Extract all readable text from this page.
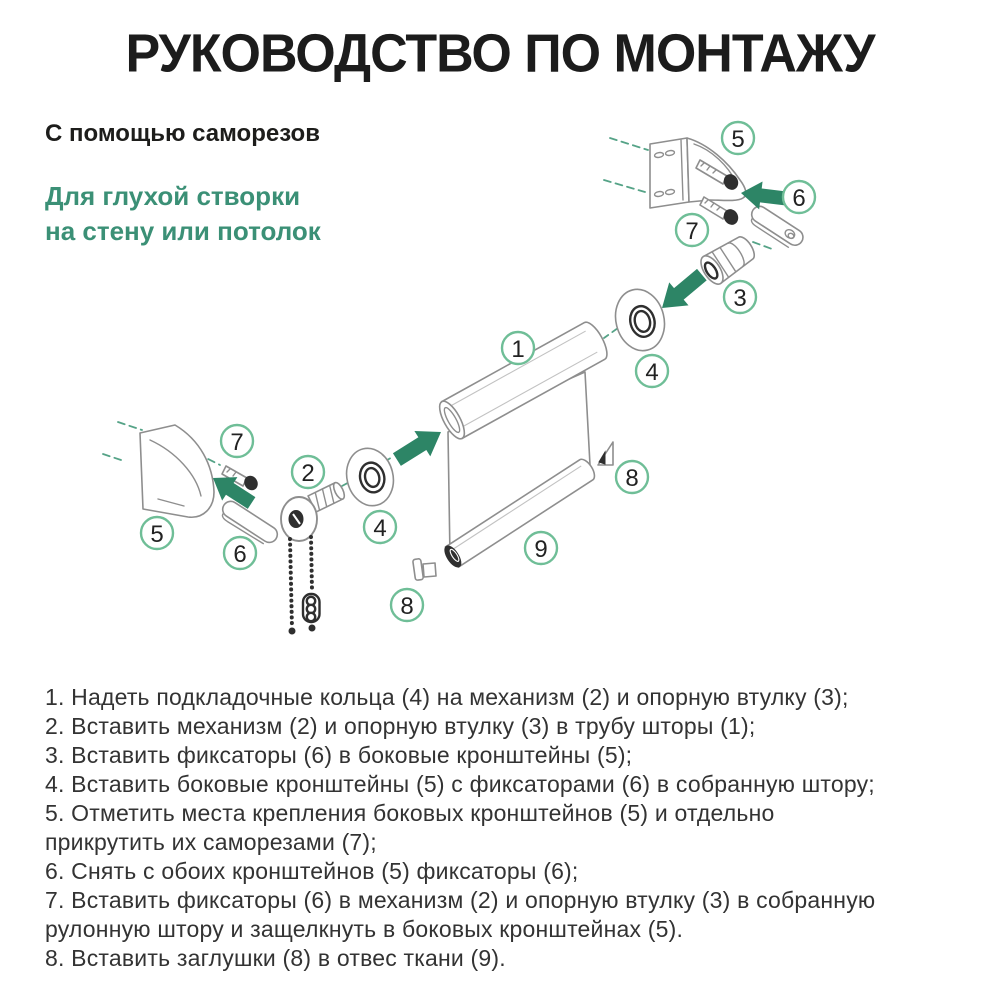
РУКОВОДСТВО ПО МОНТАЖУ
С помощью саморезов
Для глухой створки
на стену или потолок
5
6
7
3
4
1
7
2
4
5
6
8
9
8
1. Надеть подкладочные кольца (4) на механизм (2) и опорную втулку (3);
2. Вставить механизм (2) и опорную втулку (3) в трубу шторы (1);
3. Вставить фиксаторы (6) в боковые кронштейны (5);
4. Вставить боковые кронштейны (5) с фиксаторами (6) в собранную штору;
5. Отметить места крепления боковых кронштейнов (5) и отдельно
прикрутить их саморезами (7);
6. Снять с обоих кронштейнов (5) фиксаторы (6);
7. Вставить фиксаторы (6) в механизм (2) и опорную втулку (3) в собранную
рулонную штору и защелкнуть в боковых кронштейнах (5).
8. Вставить заглушки (8) в отвес ткани (9).
